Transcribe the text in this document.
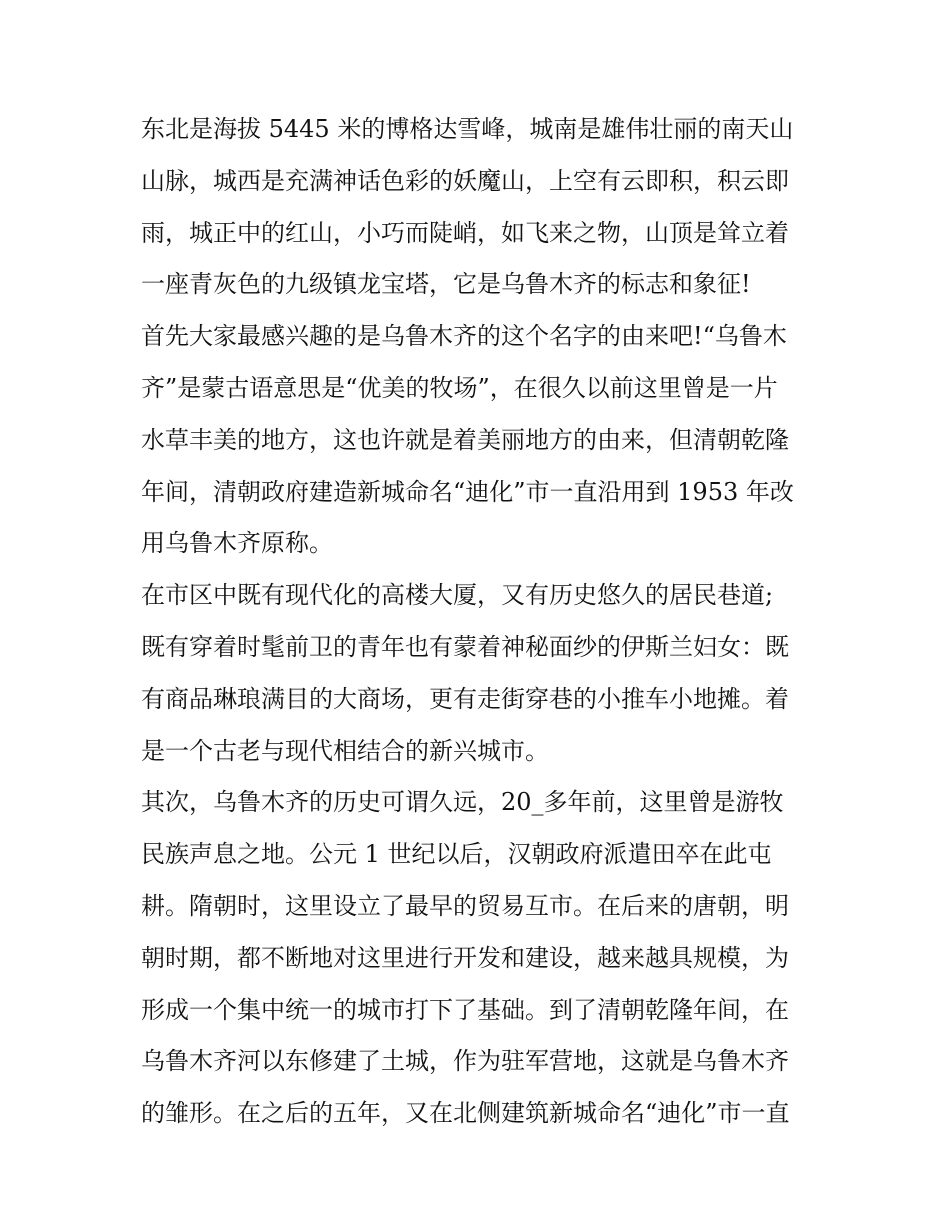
东北是海拔 5445 米的博格达雪峰，城南是雄伟壮丽的南天山
山脉，城西是充满神话色彩的妖魔山，上空有云即积，积云即
雨，城正中的红山，小巧而陡峭，如飞来之物，山顶是耸立着
一座青灰色的九级镇龙宝塔，它是乌鲁木齐的标志和象征!
首先大家最感兴趣的是乌鲁木齐的这个名字的由来吧!“乌鲁木
齐”是蒙古语意思是“优美的牧场”，在很久以前这里曾是一片
水草丰美的地方，这也许就是着美丽地方的由来，但清朝乾隆
年间，清朝政府建造新城命名“迪化”市一直沿用到 1953 年改
用乌鲁木齐原称。
在市区中既有现代化的高楼大厦，又有历史悠久的居民巷道;
既有穿着时髦前卫的青年也有蒙着神秘面纱的伊斯兰妇女：既
有商品琳琅满目的大商场，更有走街穿巷的小推车小地摊。着
是一个古老与现代相结合的新兴城市。
其次，乌鲁木齐的历史可谓久远，20_多年前，这里曾是游牧
民族声息之地。公元 1 世纪以后，汉朝政府派遣田卒在此屯
耕。隋朝时，这里设立了最早的贸易互市。在后来的唐朝，明
朝时期，都不断地对这里进行开发和建设，越来越具规模，为
形成一个集中统一的城市打下了基础。到了清朝乾隆年间，在
乌鲁木齐河以东修建了土城，作为驻军营地，这就是乌鲁木齐
的雏形。在之后的五年，又在北侧建筑新城命名“迪化”市一直
